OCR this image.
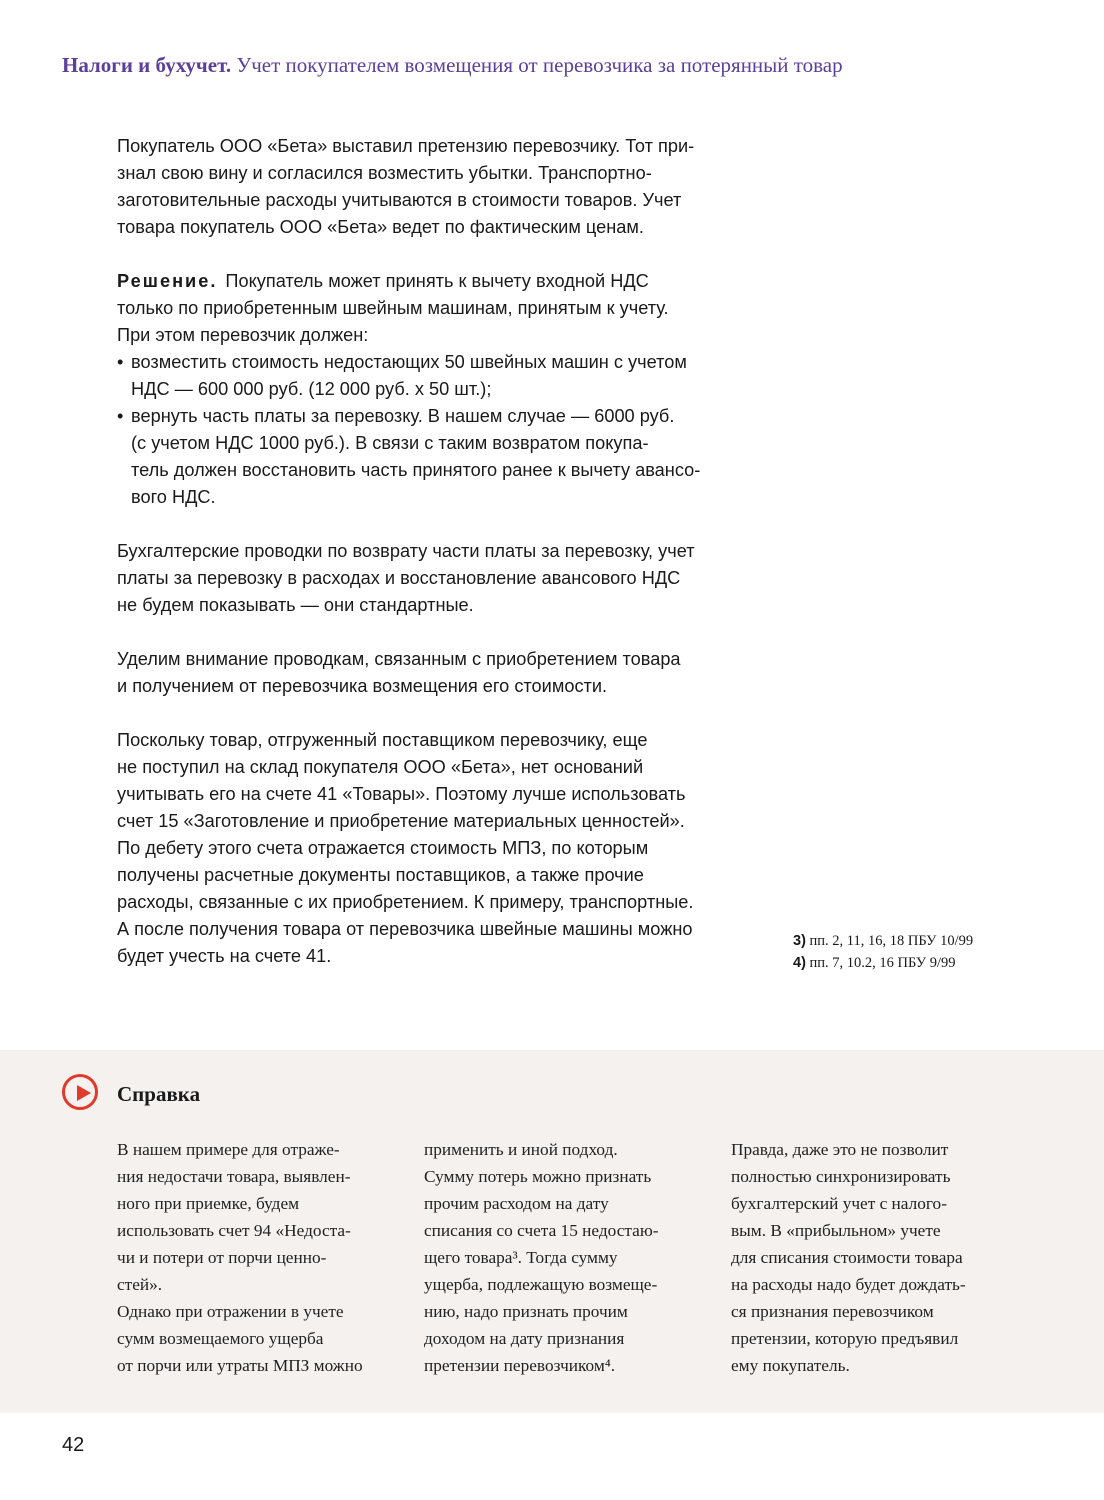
Налоги и бухучет. Учет покупателем возмещения от перевозчика за потерянный товар
Покупатель ООО «Бета» выставил претензию перевозчику. Тот при-
знал свою вину и согласился возместить убытки. Транспортно-
заготовительные расходы учитываются в стоимости товаров. Учет
товара покупатель ООО «Бета» ведет по фактическим ценам.
Решение. Покупатель может принять к вычету входной НДС
только по приобретенным швейным машинам, принятым к учету.
При этом перевозчик должен:
• возместить стоимость недостающих 50 швейных машин с учетом
НДС — 600 000 руб. (12 000 руб. х 50 шт.);
• вернуть часть платы за перевозку. В нашем случае — 6000 руб.
(с учетом НДС 1000 руб.). В связи с таким возвратом покупа-
тель должен восстановить часть принятого ранее к вычету авансо-
вого НДС.
Бухгалтерские проводки по возврату части платы за перевозку, учет
платы за перевозку в расходах и восстановление авансового НДС
не будем показывать — они стандартные.
Уделим внимание проводкам, связанным с приобретением товара
и получением от перевозчика возмещения его стоимости.
Поскольку товар, отгруженный поставщиком перевозчику, еще
не поступил на склад покупателя ООО «Бета», нет оснований
учитывать его на счете 41 «Товары». Поэтому лучше использовать
счет 15 «Заготовление и приобретение материальных ценностей».
По дебету этого счета отражается стоимость МПЗ, по которым
получены расчетные документы поставщиков, а также прочие
расходы, связанные с их приобретением. К примеру, транспортные.
А после получения товара от перевозчика швейные машины можно
будет учесть на счете 41.
3) пп. 2, 11, 16, 18 ПБУ 10/99
4) пп. 7, 10.2, 16 ПБУ 9/99
Справка
В нашем примере для отраже-
ния недостачи товара, выявлен-
ного при приемке, будем
использовать счет 94 «Недоста-
чи и потери от порчи ценно-
стей».
Однако при отражении в учете
сумм возмещаемого ущерба
от порчи или утраты МПЗ можно
применить и иной подход.
Сумму потерь можно признать
прочим расходом на дату
списания со счета 15 недостаю-
щего товара³. Тогда сумму
ущерба, подлежащую возмеще-
нию, надо признать прочим
доходом на дату признания
претензии перевозчиком⁴.
Правда, даже это не позволит
полностью синхронизировать
бухгалтерский учет с налого-
вым. В «прибыльном» учете
для списания стоимости товара
на расходы надо будет дождать-
ся признания перевозчиком
претензии, которую предъявил
ему покупатель.
42
